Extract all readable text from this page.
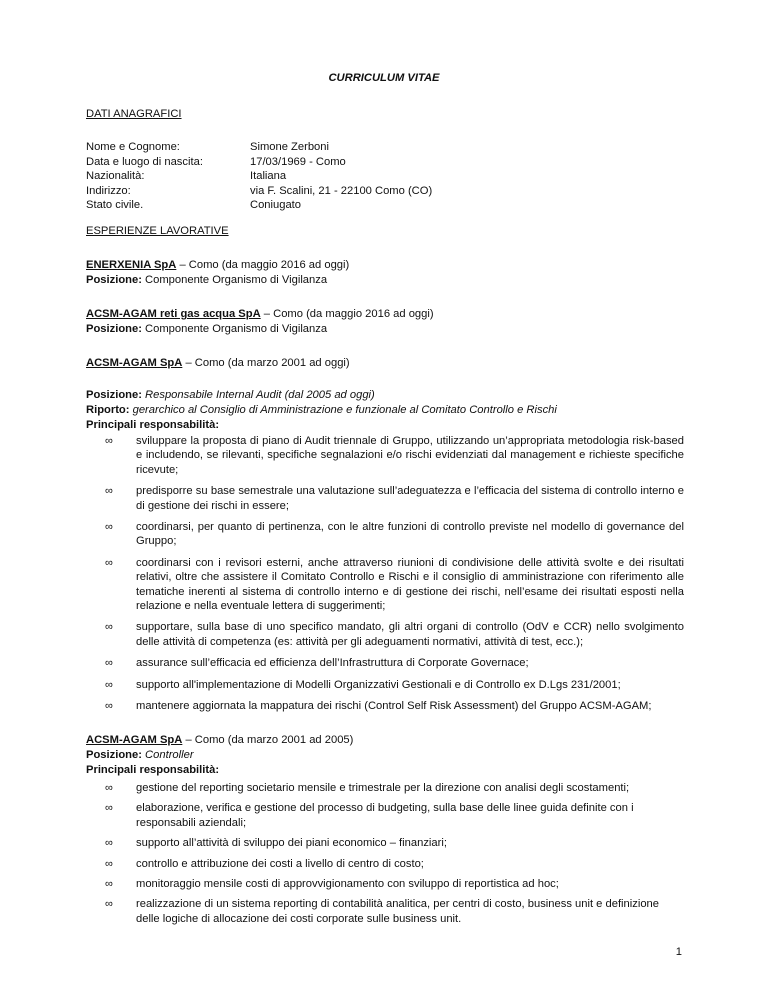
CURRICULUM VITAE
DATI ANAGRAFICI
Nome e Cognome:	Simone Zerboni
Data e luogo di nascita:	17/03/1969 - Como
Nazionalità:	Italiana
Indirizzo:	via F. Scalini, 21 - 22100 Como (CO)
Stato civile.	Coniugato
ESPERIENZE LAVORATIVE
ENERXENIA SpA – Como (da maggio 2016 ad oggi)
Posizione: Componente Organismo di Vigilanza
ACSM-AGAM reti gas acqua SpA – Como (da maggio 2016 ad oggi)
Posizione: Componente Organismo di Vigilanza
ACSM-AGAM SpA – Como (da marzo 2001 ad oggi)
Posizione: Responsabile Internal Audit (dal 2005 ad oggi)
Riporto: gerarchico al Consiglio di Amministrazione e funzionale al Comitato Controllo e Rischi
Principali responsabilità:
∞ sviluppare la proposta di piano di Audit triennale di Gruppo, utilizzando un’appropriata metodologia risk-based e includendo, se rilevanti, specifiche segnalazioni e/o rischi evidenziati dal management e richieste specifiche ricevute;
∞ predisporre su base semestrale una valutazione sull’adeguatezza e l’efficacia del sistema di controllo interno e di gestione dei rischi in essere;
∞ coordinarsi, per quanto di pertinenza, con le altre funzioni di controllo previste nel modello di governance del Gruppo;
∞ coordinarsi con i revisori esterni, anche attraverso riunioni di condivisione delle attività svolte e dei risultati relativi, oltre che assistere il Comitato Controllo e Rischi e il consiglio di amministrazione con riferimento alle tematiche inerenti al sistema di controllo interno e di gestione dei rischi, nell’esame dei risultati esposti nella relazione e nella eventuale lettera di suggerimenti;
∞ supportare, sulla base di uno specifico mandato, gli altri organi di controllo (OdV e CCR) nello svolgimento delle attività di competenza (es: attività per gli adeguamenti normativi, attività di test, ecc.);
∞ assurance sull’efficacia ed efficienza dell’Infrastruttura di Corporate Governace;
∞ supporto all'implementazione di Modelli Organizzativi Gestionali e di Controllo ex D.Lgs 231/2001;
∞ mantenere aggiornata la mappatura dei rischi (Control Self Risk Assessment) del Gruppo ACSM-AGAM;
ACSM-AGAM SpA – Como (da marzo 2001 ad 2005)
Posizione: Controller
Principali responsabilità:
∞ gestione del reporting societario mensile e trimestrale per la direzione con analisi degli scostamenti;
∞ elaborazione, verifica e gestione del processo di budgeting, sulla base delle linee guida definite con i responsabili aziendali;
∞ supporto all’attività di sviluppo dei piani economico – finanziari;
∞ controllo e attribuzione dei costi a livello di centro di costo;
∞ monitoraggio mensile costi di approvvigionamento con sviluppo di reportistica ad hoc;
∞ realizzazione di un sistema reporting di contabilità analitica, per centri di costo, business unit e definizione delle logiche di allocazione dei costi corporate sulle business unit.
1
